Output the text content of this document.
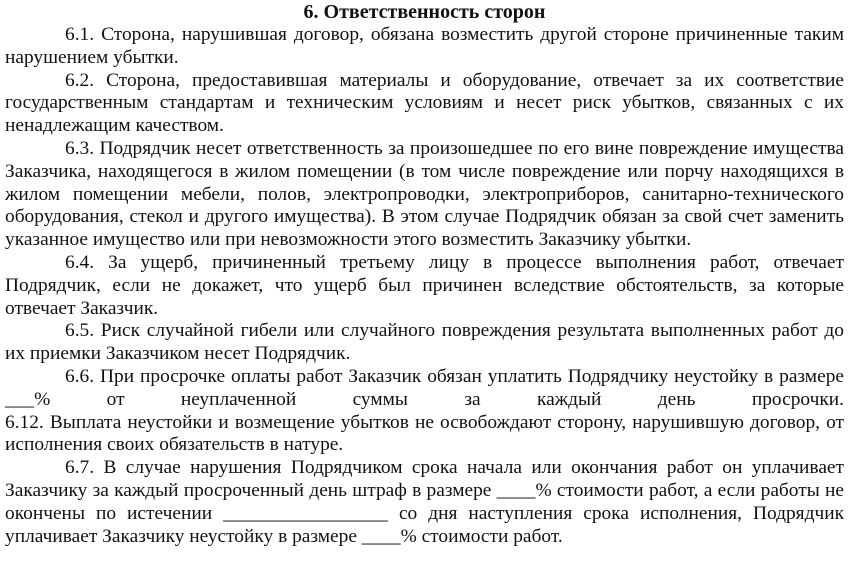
6. Ответственность сторон

6.1. Сторона, нарушившая договор, обязана возместить другой стороне причиненные таким нарушением убытки.

6.2. Сторона, предоставившая материалы и оборудование, отвечает за их соответствие государственным стандартам и техническим условиям и несет риск убытков, связанных с их ненадлежащим качеством.

6.3. Подрядчик несет ответственность за произошедшее по его вине повреждение имущества Заказчика, находящегося в жилом помещении (в том числе повреждение или порчу находящихся в жилом помещении мебели, полов, электропроводки, электроприборов, санитарно-технического оборудования, стекол и другого имущества). В этом случае Подрядчик обязан за свой счет заменить указанное имущество или при невозможности этого возместить Заказчику убытки.

6.4. За ущерб, причиненный третьему лицу в процессе выполнения работ, отвечает Подрядчик, если не докажет, что ущерб был причинен вследствие обстоятельств, за которые отвечает Заказчик.

6.5. Риск случайной гибели или случайного повреждения результата выполненных работ до их приемки Заказчиком несет Подрядчик.

6.6. При просрочке оплаты работ Заказчик обязан уплатить Подрядчику неустойку в размере ___% от неуплаченной суммы за каждый день просрочки.

6.12. Выплата неустойки и возмещение убытков не освобождают сторону, нарушившую договор, от исполнения своих обязательств в натуре.

6.7. В случае нарушения Подрядчиком срока начала или окончания работ он уплачивает Заказчику за каждый просроченный день штраф в размере ____% стоимости работ, а если работы не окончены по истечении _________________ со дня наступления срока исполнения, Подрядчик уплачивает Заказчику неустойку в размере ____% стоимости работ.
